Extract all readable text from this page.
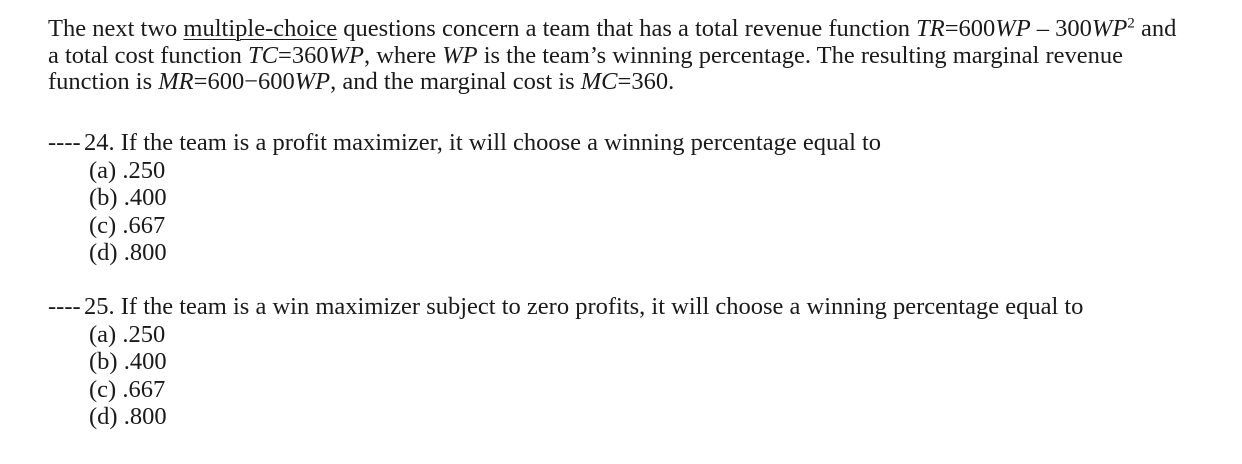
The next two multiple-choice questions concern a team that has a total revenue function $TR=600WP - 300WP^2$ and
a total cost function TC=360WP, where WP is the team’s winning percentage. The resulting marginal revenue
function is MR=600−600WP, and the marginal cost is MC=360.
---- 24. If the team is a profit maximizer, it will choose a winning percentage equal to
(a) .250
(b) .400
(c) .667
(d) .800
---- 25. If the team is a win maximizer subject to zero profits, it will choose a winning percentage equal to
(a) .250
(b) .400
(c) .667
(d) .800
